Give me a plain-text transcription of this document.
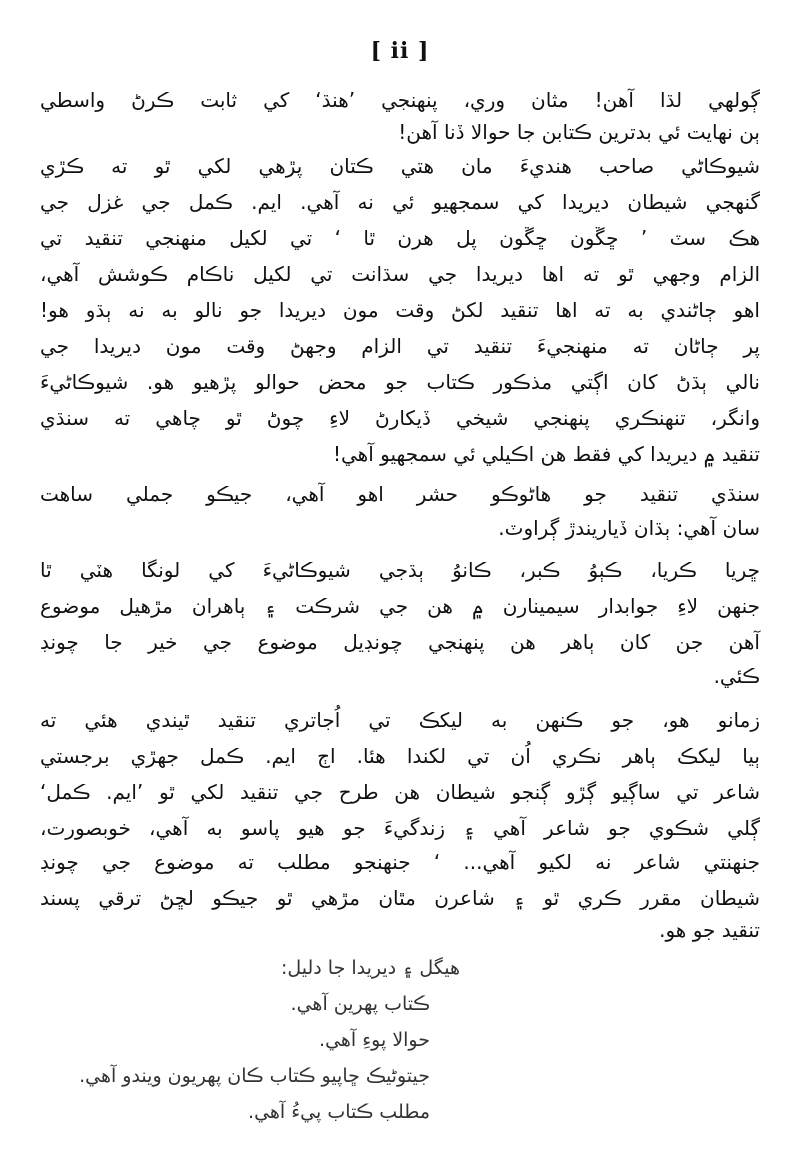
[ ii ]
ڳولهي لڌا آهن! مثان وري، پنهنجي ’هنڌ‘ کي ثابت ڪرڻ واسطي
ٻن نهايت ئي بدترين ڪتابن جا حوالا ڏنا آهن!
شيوڪاڻي صاحب هنديءَ مان هتي ڪتان پڙهي لکي ٿو ته ڪڙي
گنهجي شيطان ديريدا کي سمجهيو ئي نه آهي. ايم. ڪمل جي غزل جي
هڪ سٽ ’ ڇڱون ڇڱون پل هرن ٿا ‘ تي لکيل منهنجي تنقيد تي
الزام وجهي ٿو ته اها ديريدا جي سڌانت تي لکيل ناڪام ڪوشش آهي،
اهو ڄاڻندي به ته اها تنقيد لکڻ وقت مون ديريدا جو نالو به نه ٻڌو هو!
پر ڄاڻان ته منهنجيءَ تنقيد تي الزام وجهڻ وقت مون ديريدا جي
نالي ٻڌڻ کان اڳتي مذڪور ڪتاب جو محض حوالو پڙهيو هو. شيوڪاڻيءَ
وانگر، تنهنڪري پنهنجي شيخي ڏيکارڻ لاءِ چوڻ ٿو چاهي ته سنڌي
تنقيد ۾ ديريدا کي فقط هن اڪيلي ئي سمجهيو آهي!
سنڌي تنقيد جو هاڻوڪو حشر اهو آهي، جيڪو جملي ساهت
سان آهي: ٻڌان ڏياريندڙ ڳراوٽ.
ڇريا ڪريا، ڪٻوُ ڪبر، ڪانوُ ٻڌجي شيوڪاڻيءَ کي لونگا هٽي ٿا
جنهن لاءِ جوابدار سيمينارن ۾ هن جي شرڪت ۽ ٻاهران مڙهيل موضوع
آهن جن کان ٻاهر هن پنهنجي چونڊيل موضوع جي خير جا چونڊ
ڪئي.
زمانو هو، جو ڪنهن به ليکڪ تي اُجاتري تنقيد ٿيندي هئي ته
ٻيا ليکڪ ٻاهر نڪري اُن تي لکندا هئا. اڄ ايم. ڪمل جهڙي برجستي
شاعر تي ساڳيو ڳڙو ڳنجو شيطان هن طرح جي تنقيد لکي ٿو ’ايم. ڪمل‘
ڳلي شڪوي جو شاعر آهي ۽ زندگيءَ جو هيو پاسو به آهي، خوبصورت،
جنهنتي شاعر نه لکيو آهي... ‘ جنهنجو مطلب ته موضوع جي چونڊ
شيطان مقرر ڪري ٿو ۽ شاعرن مٿان مڙهي ٿو جيڪو لڇڻ ترقي پسند
تنقيد جو هو.
هيگل ۽ ديريدا جا دليل:
ڪتاب پهرين آهي.
حوالا پوءِ آهي.
جيتوڻيڪ ڇاپيو ڪتاب ڪان پهريون ويندو آهي.
مطلب ڪتاب پيءُ آهي.
